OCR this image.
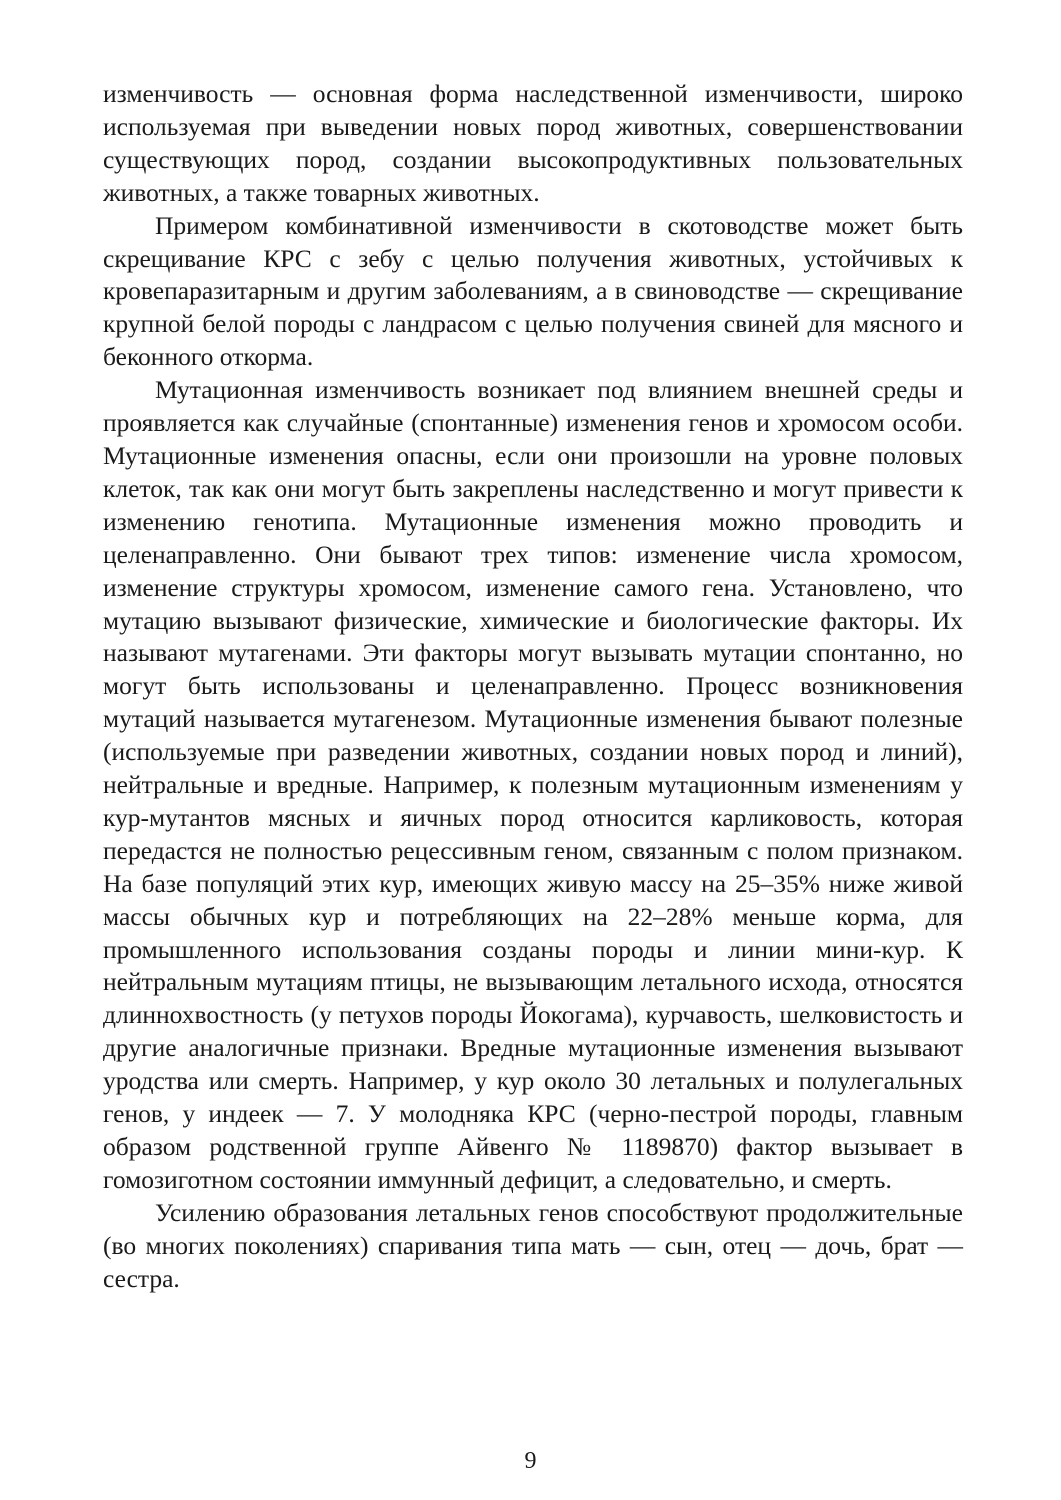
изменчивость — основная форма наследственной изменчивости, широко используемая при выведении новых пород животных, совершенствовании существующих пород, создании высокопродуктивных пользовательных животных, а также товарных животных.

Примером комбинативной изменчивости в скотоводстве может быть скрещивание КРС с зебу с целью получения животных, устойчивых к кровепаразитарным и другим заболеваниям, а в свиноводстве — скрещивание крупной белой породы с ландрасом с целью получения свиней для мясного и беконного откорма.

Мутационная изменчивость возникает под влиянием внешней среды и проявляется как случайные (спонтанные) изменения генов и хромосом особи. Мутационные изменения опасны, если они произошли на уровне половых клеток, так как они могут быть закреплены наследственно и могут привести к изменению генотипа. Мутационные изменения можно проводить и целенаправленно. Они бывают трех типов: изменение числа хромосом, изменение структуры хромосом, изменение самого гена. Установлено, что мутацию вызывают физические, химические и биологические факторы. Их называют мутагенами. Эти факторы могут вызывать мутации спонтанно, но могут быть использованы и целенаправленно. Процесс возникновения мутаций называется мутагенезом. Мутационные изменения бывают полезные (используемые при разведении животных, создании новых пород и линий), нейтральные и вредные. Например, к полезным мутационным изменениям у кур-мутантов мясных и яичных пород относится карликовость, которая передастся не полностью рецессивным геном, связанным с полом признаком. На базе популяций этих кур, имеющих живую массу на 25–35% ниже живой массы обычных кур и потребляющих на 22–28% меньше корма, для промышленного использования созданы породы и линии мини-кур. К нейтральным мутациям птицы, не вызывающим летального исхода, относятся длиннохвостность (у петухов породы Йокогама), курчавость, шелковистость и другие аналогичные признаки. Вредные мутационные изменения вызывают уродства или смерть. Например, у кур около 30 летальных и полулегальных генов, у индеек — 7. У молодняка КРС (черно-пестрой породы, главным образом родственной группе Айвенго № 1189870) фактор вызывает в гомозиготном состоянии иммунный дефицит, а следовательно, и смерть.

Усилению образования летальных генов способствуют продолжительные (во многих поколениях) спаривания типа мать — сын, отец — дочь, брат — сестра.

9
